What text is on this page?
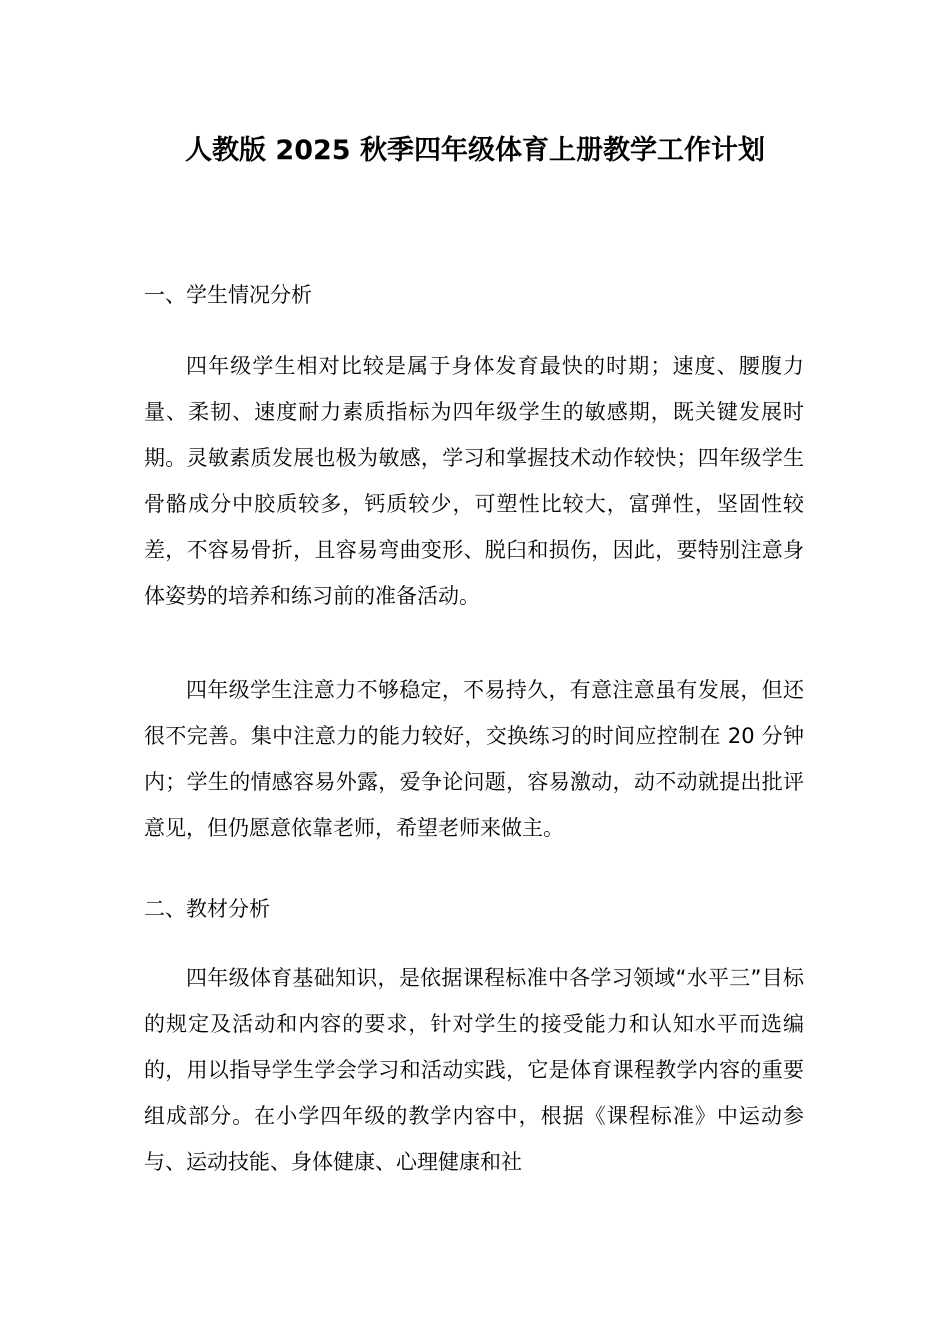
人教版 2025 秋季四年级体育上册教学工作计划
一、学生情况分析

四年级学生相对比较是属于身体发育最快的时期；速度、腰腹力量、柔韧、速度耐力素质指标为四年级学生的敏感期，既关键发展时期。灵敏素质发展也极为敏感，学习和掌握技术动作较快；四年级学生骨骼成分中胶质较多，钙质较少，可塑性比较大，富弹性，坚固性较差，不容易骨折，且容易弯曲变形、脱臼和损伤，因此，要特别注意身体姿势的培养和练习前的准备活动。

四年级学生注意力不够稳定，不易持久，有意注意虽有发展，但还很不完善。集中注意力的能力较好，交换练习的时间应控制在 20 分钟内；学生的情感容易外露，爱争论问题，容易激动，动不动就提出批评意见，但仍愿意依靠老师，希望老师来做主。

二、教材分析

四年级体育基础知识，是依据课程标准中各学习领域“水平三”目标的规定及活动和内容的要求，针对学生的接受能力和认知水平而选编的，用以指导学生学会学习和活动实践，它是体育课程教学内容的重要组成部分。在小学四年级的教学内容中，根据《课程标准》中运动参与、运动技能、身体健康、心理健康和社
